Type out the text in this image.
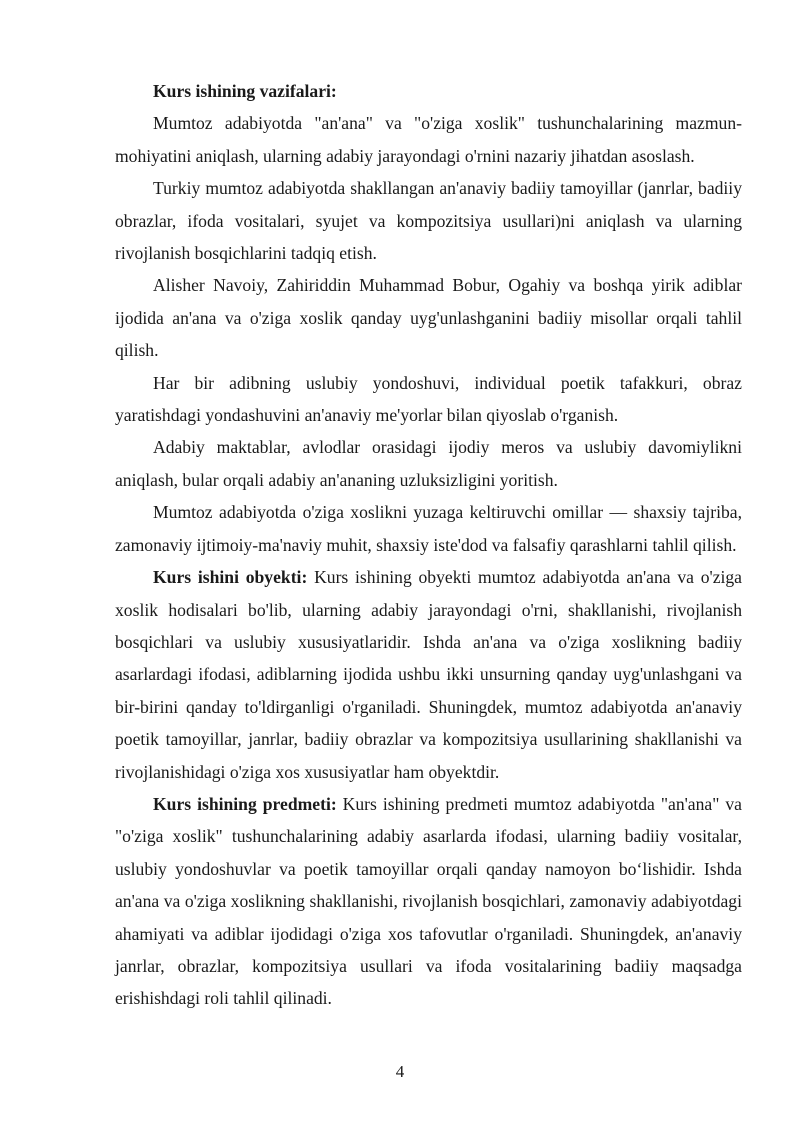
Kurs ishining vazifalari:

Mumtoz adabiyotda "an'ana" va "o'ziga xoslik" tushunchalarining mazmun-mohiyatini aniqlash, ularning adabiy jarayondagi o'rnini nazariy jihatdan asoslash.

Turkiy mumtoz adabiyotda shakllangan an'anaviy badiiy tamoyillar (janrlar, badiiy obrazlar, ifoda vositalari, syujet va kompozitsiya usullari)ni aniqlash va ularning rivojlanish bosqichlarini tadqiq etish.

Alisher Navoiy, Zahiriddin Muhammad Bobur, Ogahiy va boshqa yirik adiblar ijodida an'ana va o'ziga xoslik qanday uyg'unlashganini badiiy misollar orqali tahlil qilish.

Har bir adibning uslubiy yondoshuvi, individual poetik tafakkuri, obraz yaratishdagi yondashuvini an'anaviy me'yorlar bilan qiyoslab o'rganish.

Adabiy maktablar, avlodlar orasidagi ijodiy meros va uslubiy davomiylikni aniqlash, bular orqali adabiy an'ananing uzluksizligini yoritish.

Mumtoz adabiyotda o'ziga xoslikni yuzaga keltiruvchi omillar — shaxsiy tajriba, zamonaviy ijtimoiy-ma'naviy muhit, shaxsiy iste'dod va falsafiy qarashlarni tahlil qilish.

Kurs ishini obyekti: Kurs ishining obyekti mumtoz adabiyotda an'ana va o'ziga xoslik hodisalari bo'lib, ularning adabiy jarayondagi o'rni, shakllanishi, rivojlanish bosqichlari va uslubiy xususiyatlaridir. Ishda an'ana va o'ziga xoslikning badiiy asarlardagi ifodasi, adiblarning ijodida ushbu ikki unsurning qanday uyg'unlashgani va bir-birini qanday to'ldirganligi o'rganiladi. Shuningdek, mumtoz adabiyotda an'anaviy poetik tamoyillar, janrlar, badiiy obrazlar va kompozitsiya usullarining shakllanishi va rivojlanishidagi o'ziga xos xususiyatlar ham obyektdir.

Kurs ishining predmeti: Kurs ishining predmeti mumtoz adabiyotda "an'ana" va "o'ziga xoslik" tushunchalarining adabiy asarlarda ifodasi, ularning badiiy vositalar, uslubiy yondoshuvlar va poetik tamoyillar orqali qanday namoyon bo‘lishidir. Ishda an'ana va o'ziga xoslikning shakllanishi, rivojlanish bosqichlari, zamonaviy adabiyotdagi ahamiyati va adiblar ijodidagi o'ziga xos tafovutlar o'rganiladi. Shuningdek, an'anaviy janrlar, obrazlar, kompozitsiya usullari va ifoda vositalarining badiiy maqsadga erishishdagi roli tahlil qilinadi.

4
